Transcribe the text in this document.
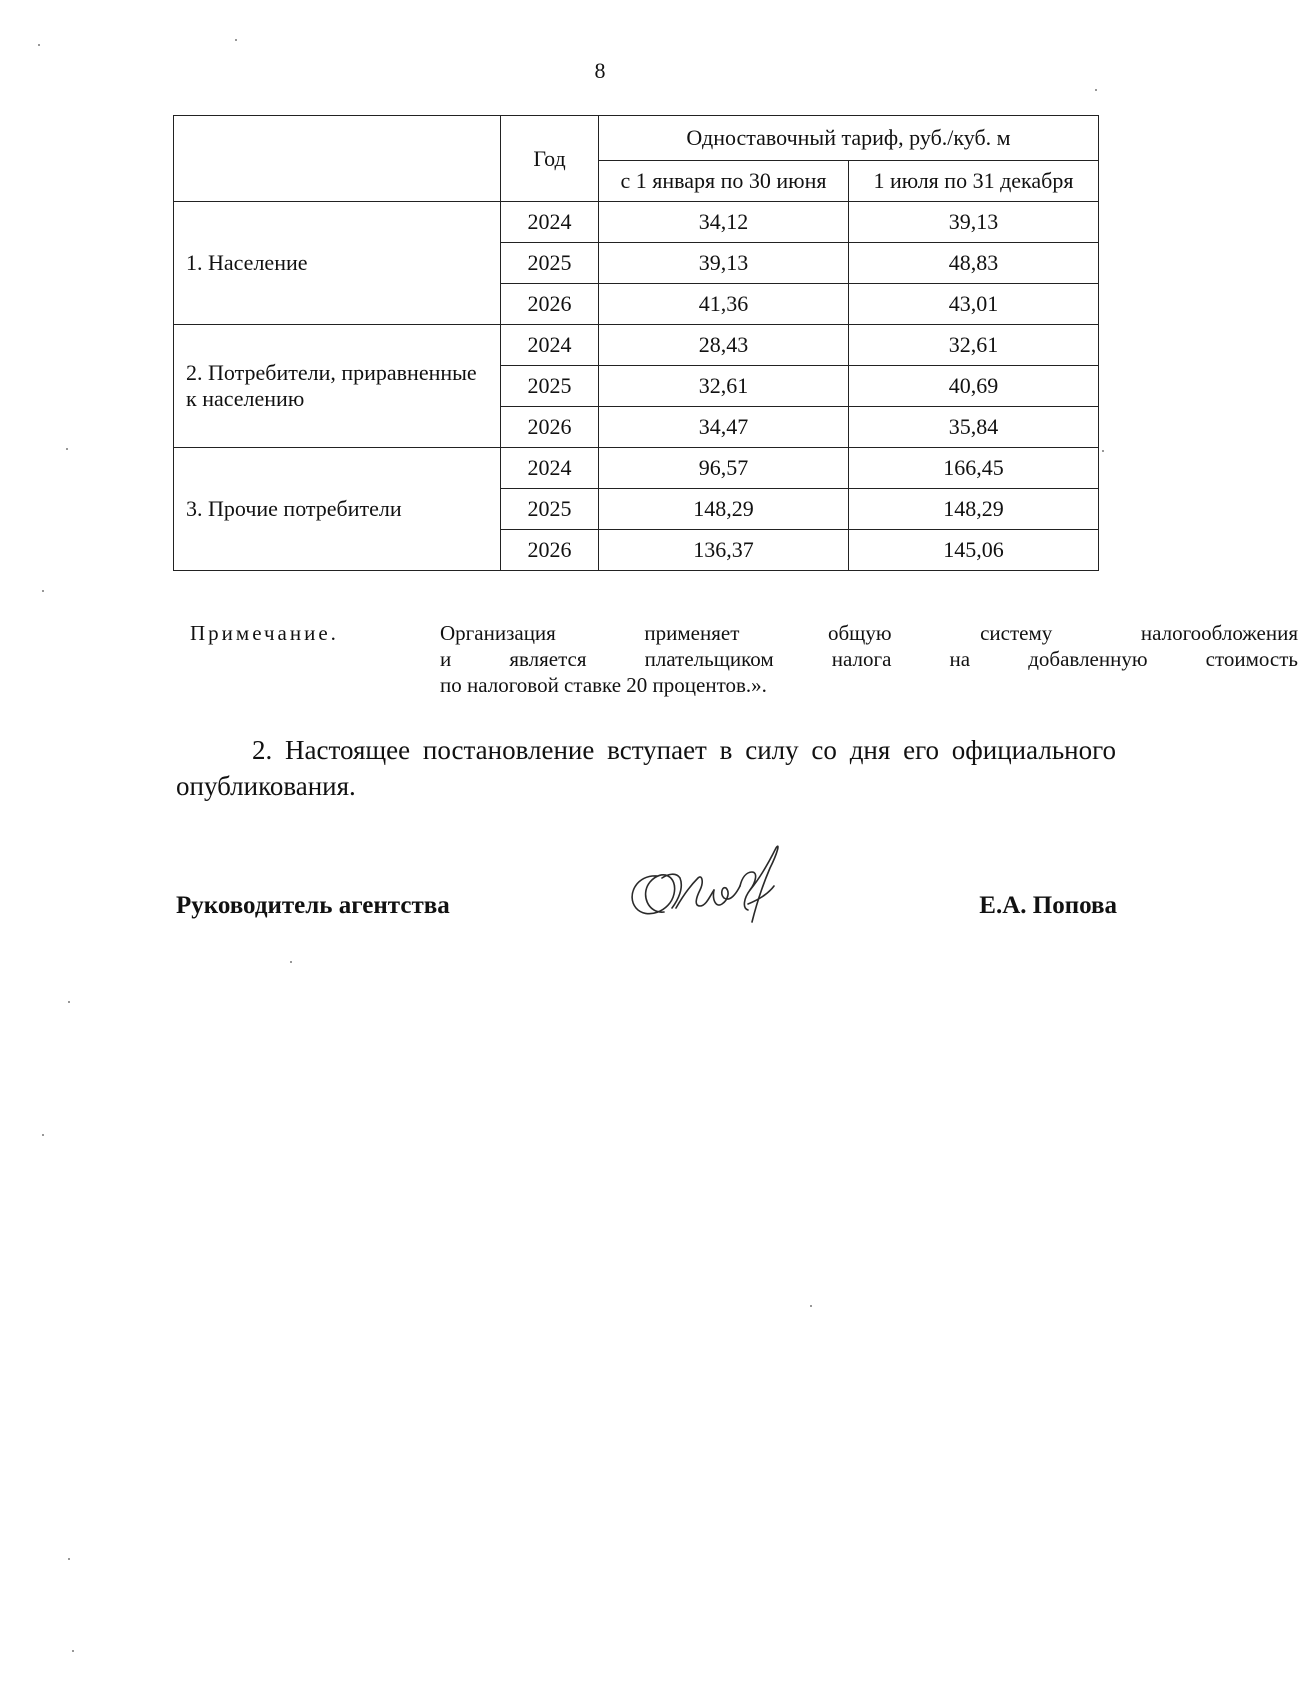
8
	Год	Одноставочный тариф, руб./куб. м	
		с 1 января по 30 июня	1 июля по 31 декабря
1. Население	2024	34,12	39,13
	2025	39,13	48,83
	2026	41,36	43,01
2. Потребители, приравненные к населению	2024	28,43	32,61
	2025	32,61	40,69
	2026	34,47	35,84
3. Прочие потребители	2024	96,57	166,45
	2025	148,29	148,29
	2026	136,37	145,06
Примечание.	Организация применяет общую систему налогообложения
и является плательщиком налога на добавленную стоимость
по налоговой ставке 20 процентов.».
2. Настоящее постановление вступает в силу со дня его официального
опубликования.
Руководитель агентства	Е.А. Попова
